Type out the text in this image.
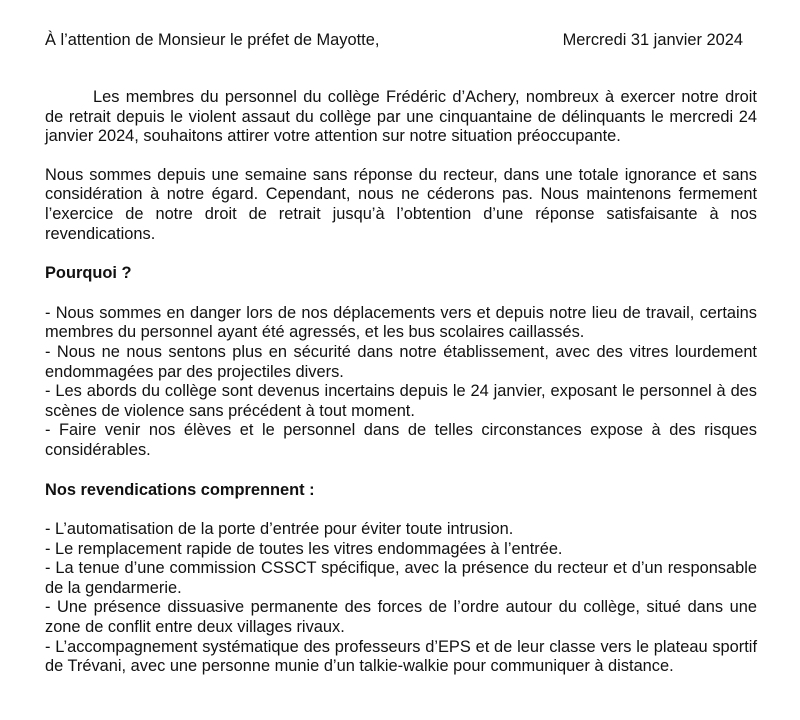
À l’attention de Monsieur le préfet de Mayotte,	Mercredi 31 janvier 2024

Les membres du personnel du collège Frédéric d’Achery, nombreux à exercer notre droit de retrait depuis le violent assaut du collège par une cinquantaine de délinquants le mercredi 24 janvier 2024, souhaitons attirer votre attention sur notre situation préoccupante.

Nous sommes depuis une semaine sans réponse du recteur, dans une totale ignorance et sans considération à notre égard. Cependant, nous ne céderons pas. Nous maintenons fermement l’exercice de notre droit de retrait jusqu’à l’obtention d’une réponse satisfaisante à nos revendications.

Pourquoi ?

- Nous sommes en danger lors de nos déplacements vers et depuis notre lieu de travail, certains membres du personnel ayant été agressés, et les bus scolaires caillassés.

- Nous ne nous sentons plus en sécurité dans notre établissement, avec des vitres lourdement endommagées par des projectiles divers.

- Les abords du collège sont devenus incertains depuis le 24 janvier, exposant le personnel à des scènes de violence sans précédent à tout moment.

- Faire venir nos élèves et le personnel dans de telles circonstances expose à des risques considérables.

Nos revendications comprennent :

- L’automatisation de la porte d’entrée pour éviter toute intrusion.

- Le remplacement rapide de toutes les vitres endommagées à l’entrée.

- La tenue d’une commission CSSCT spécifique, avec la présence du recteur et d’un responsable de la gendarmerie.

- Une présence dissuasive permanente des forces de l’ordre autour du collège, situé dans une zone de conflit entre deux villages rivaux.

- L’accompagnement systématique des professeurs d’EPS et de leur classe vers le plateau sportif de Trévani, avec une personne munie d’un talkie-walkie pour communiquer à distance.
